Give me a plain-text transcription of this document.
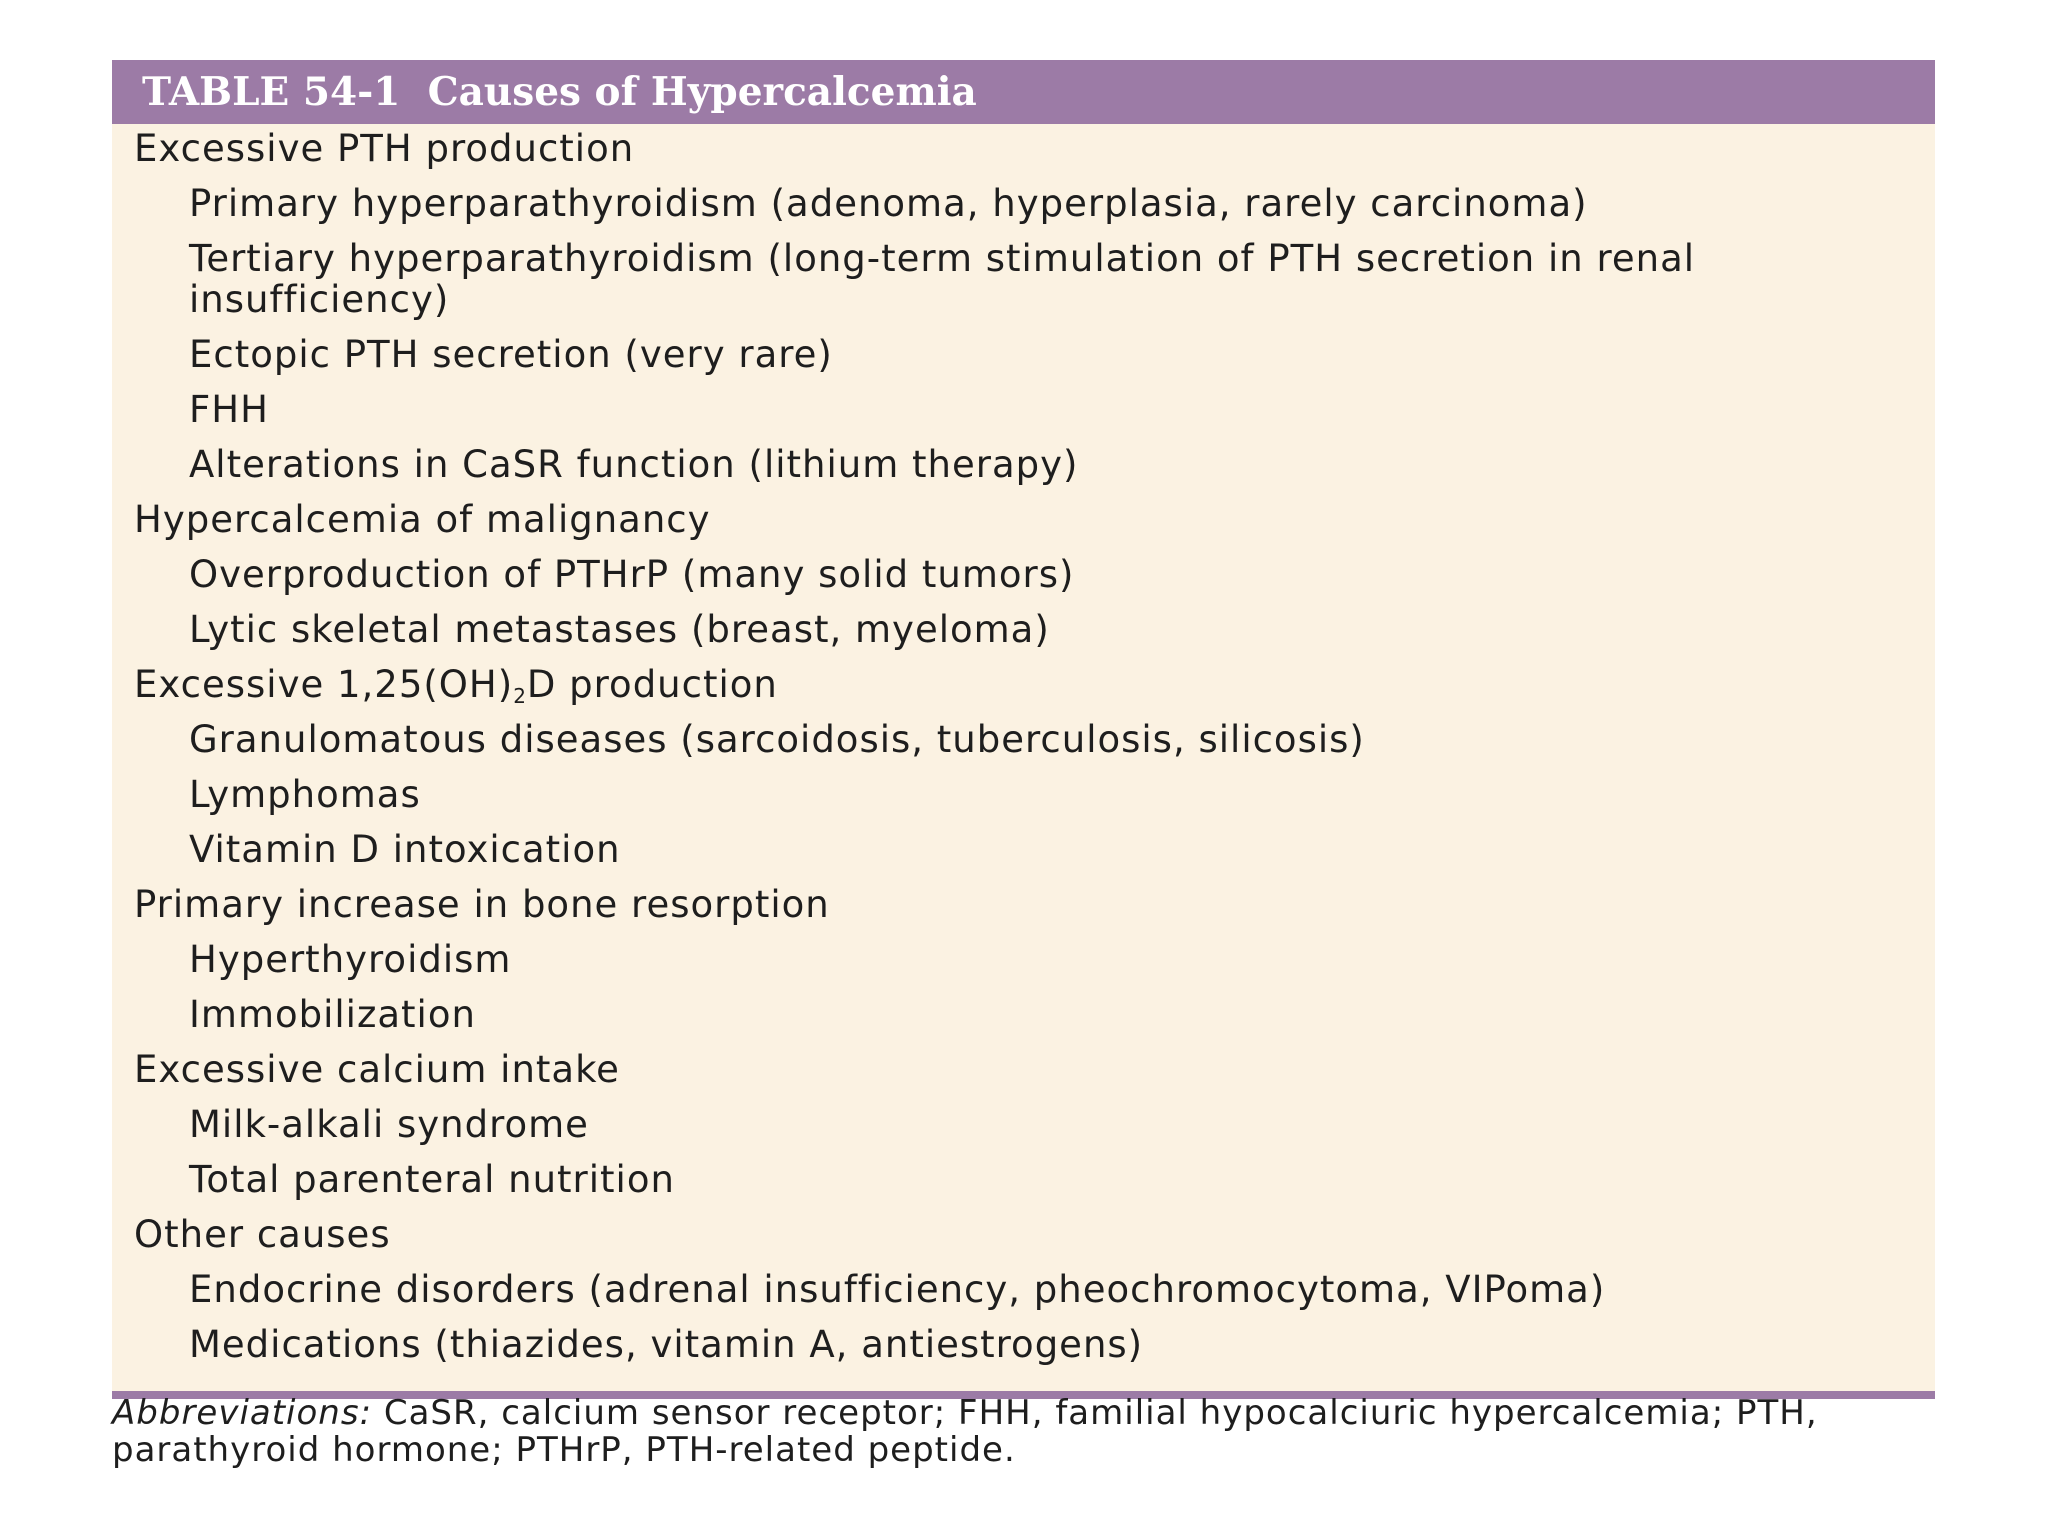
TABLE 54-1  Causes of Hypercalcemia
Excessive PTH production
Primary hyperparathyroidism (adenoma, hyperplasia, rarely carcinoma)
Tertiary hyperparathyroidism (long-term stimulation of PTH secretion in renal insufficiency)
Ectopic PTH secretion (very rare)
FHH
Alterations in CaSR function (lithium therapy)
Hypercalcemia of malignancy
Overproduction of PTHrP (many solid tumors)
Lytic skeletal metastases (breast, myeloma)
Excessive $1,25(OH)_2D$ production
Granulomatous diseases (sarcoidosis, tuberculosis, silicosis)
Lymphomas
Vitamin D intoxication
Primary increase in bone resorption
Hyperthyroidism
Immobilization
Excessive calcium intake
Milk-alkali syndrome
Total parenteral nutrition
Other causes
Endocrine disorders (adrenal insufficiency, pheochromocytoma, VIPoma)
Medications (thiazides, vitamin A, antiestrogens)
Abbreviations: CaSR, calcium sensor receptor; FHH, familial hypocalciuric hypercalcemia; PTH, parathyroid hormone; PTHrP, PTH-related peptide.
